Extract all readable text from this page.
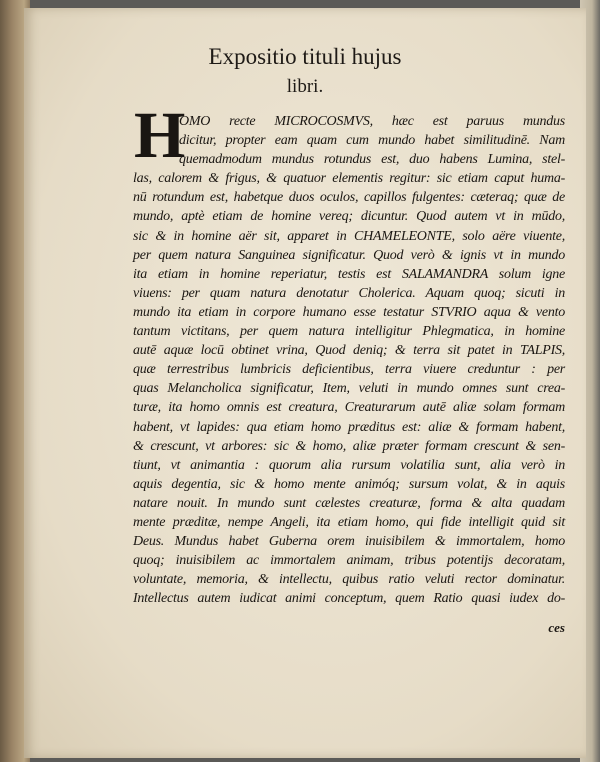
Expositio tituli hujus
libri.
H
OMO recte MICROCOSMVS, hæc est paruus mundus
dicitur, propter eam quam cum mundo habet similitudinē. Nam
quemadmodum mundus rotundus est, duo habens Lumina, stel-
las, calorem & frigus, & quatuor elementis regitur: sic etiam caput huma-
nū rotundum est, habetque duos oculos, capillos fulgentes: cæteraq; quæ de
mundo, aptè etiam de homine vereq; dicuntur. Quod autem vt in mūdo,
sic & in homine aër sit, apparet in CHAMELEONTE, solo aëre viuente,
per quem natura Sanguinea significatur. Quod verò & ignis vt in mundo
ita etiam in homine reperiatur, testis est SALAMANDRA solum igne
viuens: per quam natura denotatur Cholerica. Aquam quoq; sicuti in
mundo ita etiam in corpore humano esse testatur STVRIO aqua & vento
tantum victitans, per quem natura intelligitur Phlegmatica, in homine
autē aquæ locū obtinet vrina, Quod deniq; & terra sit patet in TALPIS,
quæ terrestribus lumbricis deficientibus, terra viuere creduntur : per
quas Melancholica significatur, Item, veluti in mundo omnes sunt crea-
turæ, ita homo omnis est creatura, Creaturarum autē aliæ solam formam
habent, vt lapides: qua etiam homo præditus est: aliæ & formam habent,
& crescunt, vt arbores: sic & homo, aliæ præter formam crescunt & sen-
tiunt, vt animantia : quorum alia rursum volatilia sunt, alia verò in
aquis degentia, sic & homo mente animóq; sursum volat, & in aquis
natare nouit. In mundo sunt cælestes creaturæ, forma & alta quadam
mente præditæ, nempe Angeli, ita etiam homo, qui fide intelligit quid sit
Deus. Mundus habet Guberna orem inuisibilem & immortalem, homo
quoq; inuisibilem ac immortalem animam, tribus potentijs decoratam,
voluntate, memoria, & intellectu, quibus ratio veluti rector dominatur.
Intellectus autem iudicat animi conceptum, quem Ratio quasi iudex do-
ces
